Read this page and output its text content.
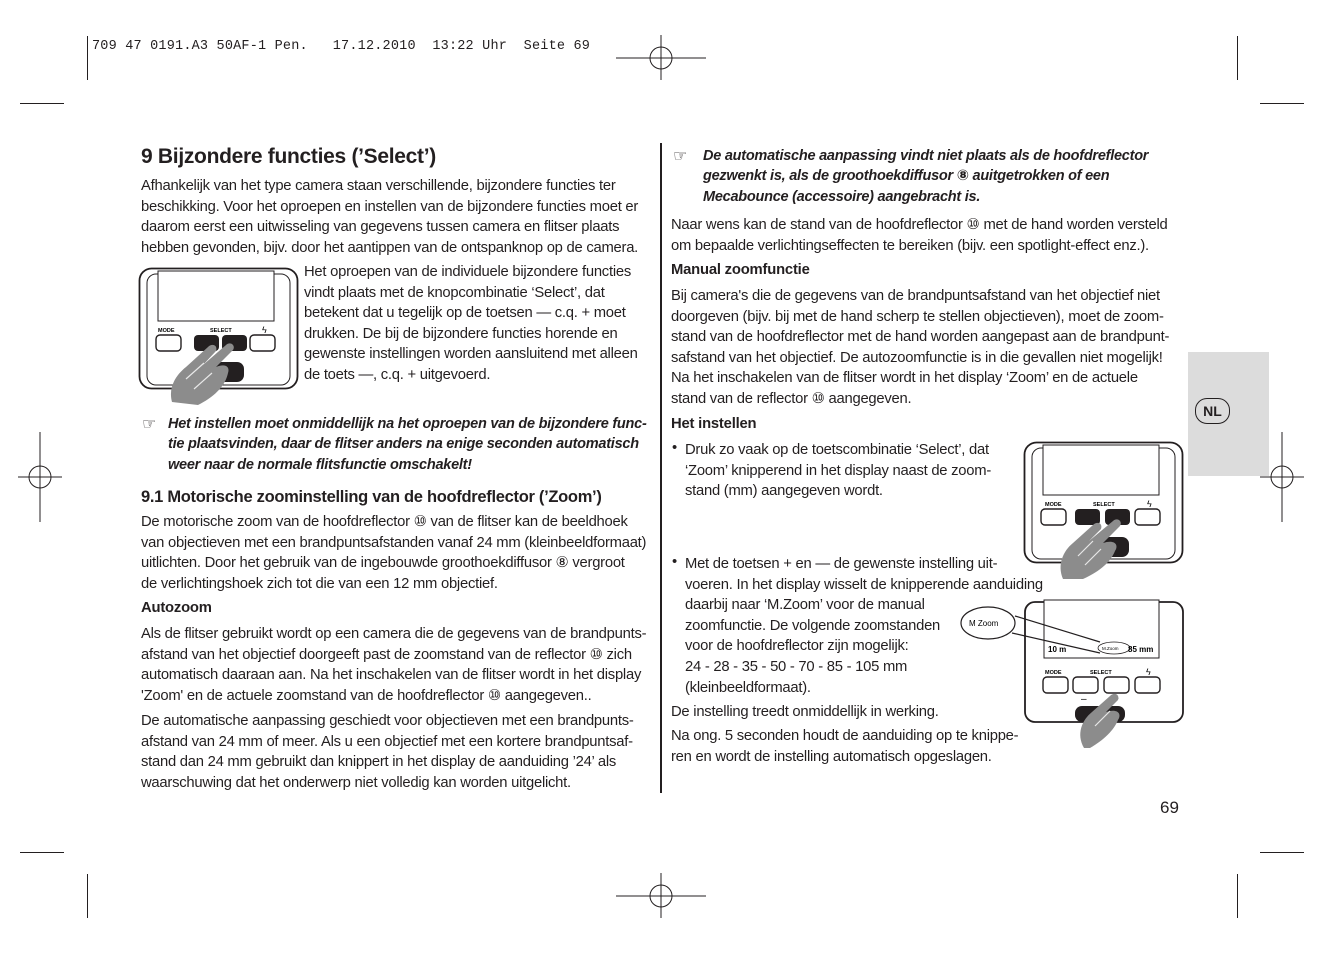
709 47 0191.A3 50AF-1 Pen.   17.12.2010  13:22 Uhr  Seite 69
9 Bijzondere functies (’Select’)
Afhankelijk van het type camera staan verschillende, bijzondere functies ter
beschikking. Voor het oproepen en instellen van de bijzondere functies moet er
daarom eerst een uitwisseling van gegevens tussen camera en flitser plaats
hebben gevonden, bijv. door het aantippen van de ontspanknop op de camera.
MODE	SELECT	ϟ
Het oproepen van de individuele bijzondere functies
vindt plaats met de knopcombinatie ‘Select’, dat
betekent dat u tegelijk op de toetsen — c.q. + moet
drukken. De bij de bijzondere functies horende en
gewenste instellingen worden aansluitend met alleen
de toets —, c.q. + uitgevoerd.
☞ Het instellen moet onmiddellijk na het oproepen van de bijzondere func-
tie plaatsvinden, daar de flitser anders na enige seconden automatisch
weer naar de normale flitsfunctie omschakelt!
9.1 Motorische zoominstelling van de hoofdreflector (’Zoom’)
De motorische zoom van de hoofdreflector ⑩ van de flitser kan de beeldhoek
van objectieven met een brandpuntsafstanden vanaf 24 mm (kleinbeeldformaat)
uitlichten. Door het gebruik van de ingebouwde groothoekdiffusor ⑧ vergroot
de verlichtingshoek zich tot die van een 12 mm objectief.
Autozoom
Als de flitser gebruikt wordt op een camera die de gegevens van de brandpunts-
afstand van het objectief doorgeeft past de zoomstand van de reflector ⑩ zich
automatisch daaraan aan. Na het inschakelen van de flitser wordt in het display
'Zoom' en de actuele zoomstand van de hoofdreflector ⑩ aangegeven..
De automatische aanpassing geschiedt voor objectieven met een brandpunts-
afstand van 24 mm of meer. Als u een objectief met een kortere brandpuntsaf-
stand dan 24 mm gebruikt dan knippert in het display de aanduiding ’24’ als
waarschuwing dat het onderwerp niet volledig kan worden uitgelicht.
☞ De automatische aanpassing vindt niet plaats als de hoofdreflector
gezwenkt is, als de groothoekdiffusor ⑧ auitgetrokken of een
Mecabounce (accessoire) aangebracht is.
Naar wens kan de stand van de hoofdreflector ⑩ met de hand worden versteld
om bepaalde verlichtingseffecten te bereiken (bijv. een spotlight-effect enz.).
Manual zoomfunctie
Bij camera's die de gegevens van de brandpuntsafstand van het objectief niet
doorgeven (bijv. bij met de hand scherp te stellen objectieven), moet de zoom-
stand van de hoofdreflector met de hand worden aangepast aan de brandpunt-
safstand van het objectief. De autozoomfunctie is in die gevallen niet mogelijk!
Na het inschakelen van de flitser wordt in het display ‘Zoom’ en de actuele
stand van de reflector ⑩ aangegeven.
Het instellen
• Druk zo vaak op de toetscombinatie ‘Select’, dat
‘Zoom’ knipperend in het display naast de zoom-
stand (mm) aangegeven wordt.
• Met de toetsen + en — de gewenste instelling uit-
voeren. In het display wisselt de knipperende aanduiding
daarbij naar ‘M.Zoom’ voor de manual
zoomfunctie. De volgende zoomstanden
voor de hoofdreflector zijn mogelijk:
24 - 28 - 35 - 50 - 70 - 85 - 105 mm
(kleinbeeldformaat).
De instelling treedt onmiddellijk in werking.
Na ong. 5 seconden houdt de aanduiding op te knippe-
ren en wordt de instelling automatisch opgeslagen.
MODE	SELECT	ϟ
10 m	M.Zoom 85 mm
M Zoom
MODE	SELECT	ϟ
–
NL
69
